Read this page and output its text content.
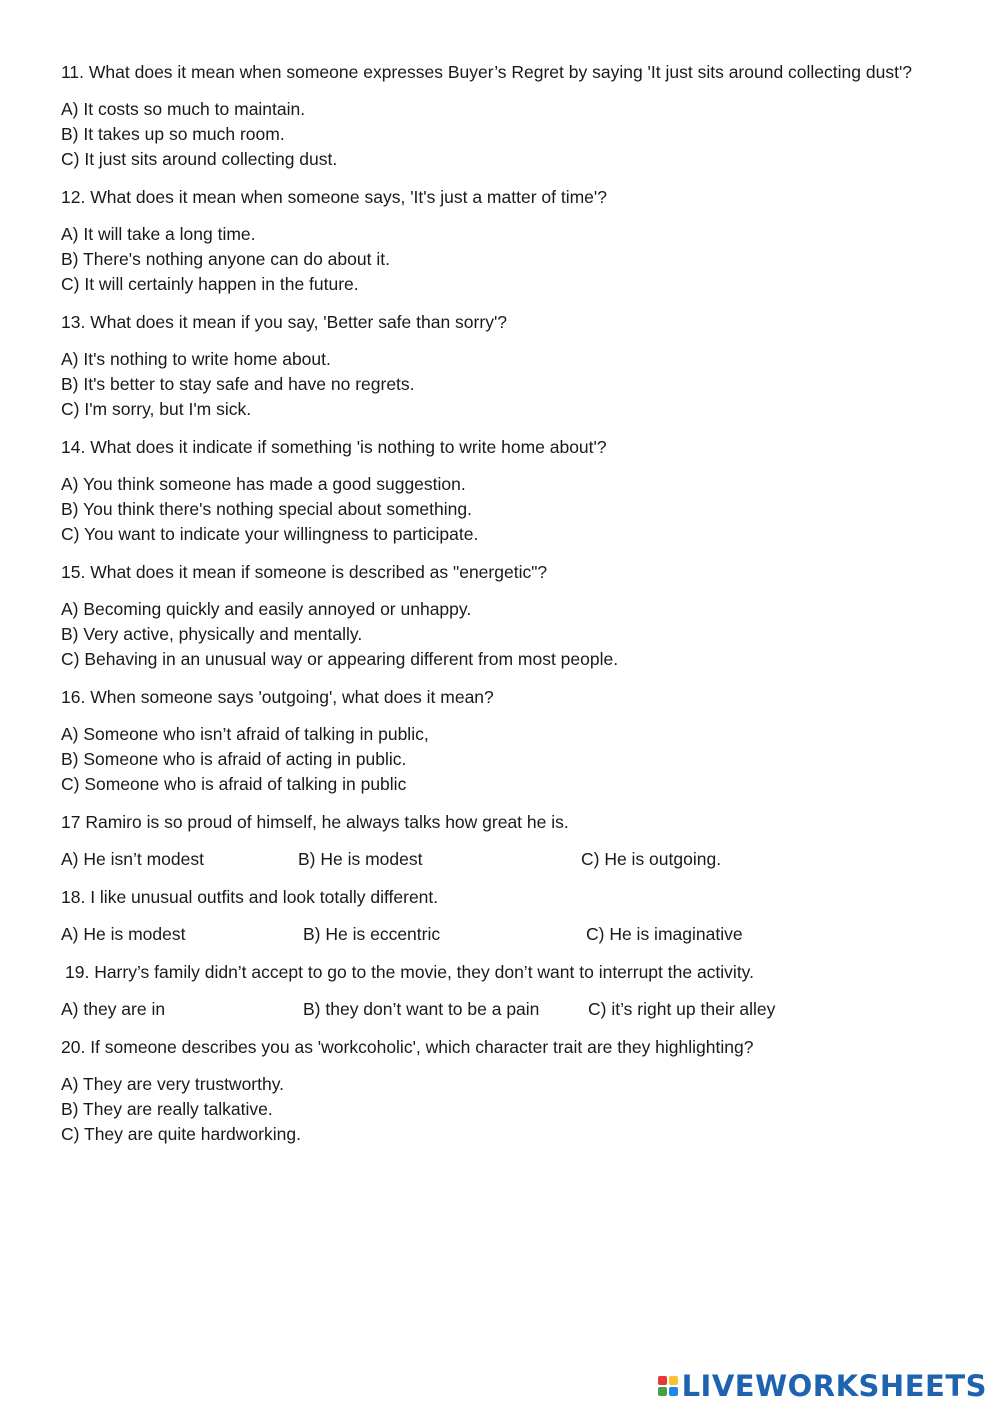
11. What does it mean when someone expresses Buyer’s Regret by saying 'It just sits around collecting dust'?

A) It costs so much to maintain.
B) It takes up so much room.
C) It just sits around collecting dust.

12. What does it mean when someone says, 'It's just a matter of time'?

A) It will take a long time.
B) There's nothing anyone can do about it.
C) It will certainly happen in the future.

13. What does it mean if you say, 'Better safe than sorry'?

A) It's nothing to write home about.
B) It's better to stay safe and have no regrets.
C) I'm sorry, but I'm sick.

14. What does it indicate if something 'is nothing to write home about'?

A) You think someone has made a good suggestion.
B) You think there's nothing special about something.
C) You want to indicate your willingness to participate.

15. What does it mean if someone is described as "energetic"?

A) Becoming quickly and easily annoyed or unhappy.
B) Very active, physically and mentally.
C) Behaving in an unusual way or appearing different from most people.

16. When someone says 'outgoing', what does it mean?

A) Someone who isn’t afraid of talking in public,
B) Someone who is afraid of acting in public.
C) Someone who is afraid of talking in public

17 Ramiro is so proud of himself, he always talks how great he is.

A) He isn’t modest	B) He is modest	C) He is outgoing.

18. I like unusual outfits and look totally different.

A) He is modest	B) He is eccentric	C) He is imaginative

19. Harry’s family didn’t accept to go to the movie, they don’t want to interrupt the activity.

A) they are in	B) they don’t want to be a pain	C) it’s right up their alley

20. If someone describes you as 'workcoholic', which character trait are they highlighting?

A) They are very trustworthy.
B) They are really talkative.
C) They are quite hardworking.
LIVEWORKSHEETS
